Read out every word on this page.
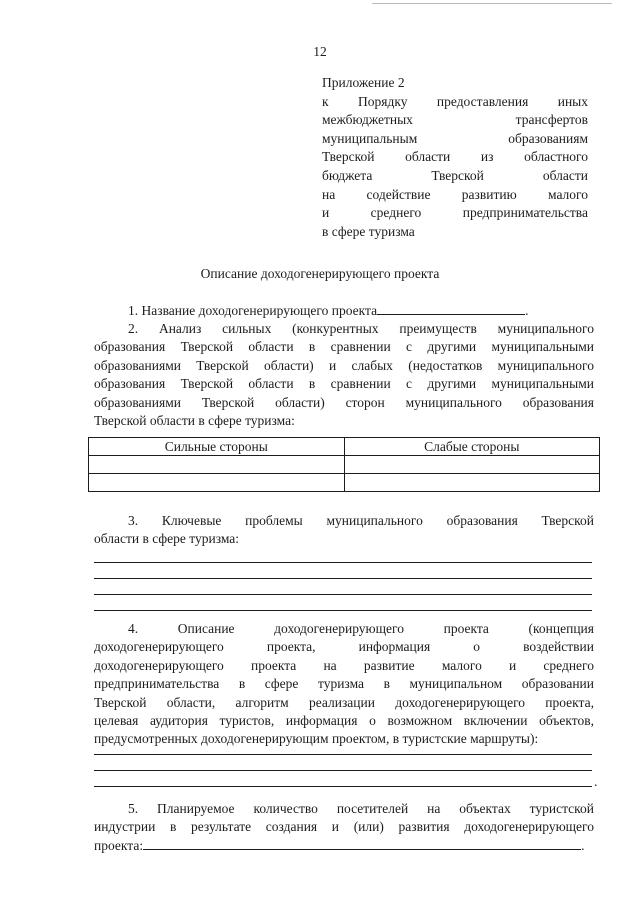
12
Приложение 2
к Порядку предоставления иных
межбюджетных трансфертов
муниципальным образованиям
Тверской области из областного
бюджета Тверской области
на содействие развитию малого
и среднего предпринимательства
в сфере туризма
Описание доходогенерирующего проекта
1. Название доходогенерирующего проекта	.
2. Анализ сильных (конкурентных преимуществ муниципального
образования Тверской области в сравнении с другими муниципальными
образованиями Тверской области) и слабых (недостатков муниципального
образования Тверской области в сравнении с другими муниципальными
образованиями Тверской области) сторон муниципального образования
Тверской области в сфере туризма:
Сильные стороны	Слабые стороны

3. Ключевые проблемы муниципального образования Тверской
области в сфере туризма:
4. Описание доходогенерирующего проекта (концепция
доходогенерирующего проекта, информация о воздействии
доходогенерирующего проекта на развитие малого и среднего
предпринимательства в сфере туризма в муниципальном образовании
Тверской области, алгоритм реализации доходогенерирующего проекта,
целевая аудитория туристов, информация о возможном включении объектов,
предусмотренных доходогенерирующим проектом, в туристские маршруты):
.
5. Планируемое количество посетителей на объектах туристской
индустрии в результате создания и (или) развития доходогенерирующего
проекта:	.
